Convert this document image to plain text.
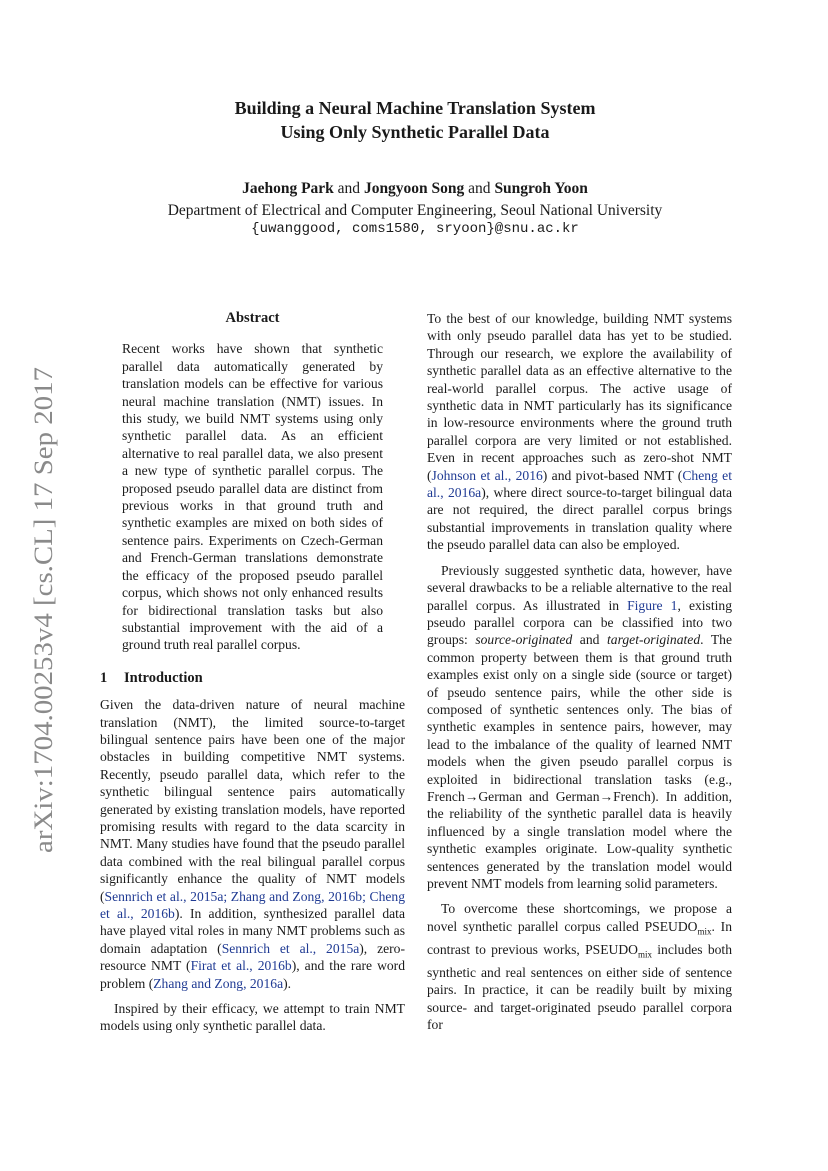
arXiv:1704.00253v4 [cs.CL] 17 Sep 2017
Building a Neural Machine Translation System
Using Only Synthetic Parallel Data
Jaehong Park and Jongyoon Song and Sungroh Yoon
Department of Electrical and Computer Engineering, Seoul National University
{uwanggood, coms1580, sryoon}@snu.ac.kr
Abstract

Recent works have shown that synthetic parallel data automatically generated by translation models can be effective for various neural machine translation (NMT) issues. In this study, we build NMT systems using only synthetic parallel data. As an efficient alternative to real parallel data, we also present a new type of synthetic parallel corpus. The proposed pseudo parallel data are distinct from previous works in that ground truth and synthetic examples are mixed on both sides of sentence pairs. Experiments on Czech-German and French-German translations demonstrate the efficacy of the proposed pseudo parallel corpus, which shows not only enhanced results for bidirectional translation tasks but also substantial improvement with the aid of a ground truth real parallel corpus.

1 Introduction

Given the data-driven nature of neural machine translation (NMT), the limited source-to-target bilingual sentence pairs have been one of the major obstacles in building competitive NMT systems. Recently, pseudo parallel data, which refer to the synthetic bilingual sentence pairs automatically generated by existing translation models, have reported promising results with regard to the data scarcity in NMT. Many studies have found that the pseudo parallel data combined with the real bilingual parallel corpus significantly enhance the quality of NMT models (Sennrich et al., 2015a; Zhang and Zong, 2016b; Cheng et al., 2016b). In addition, synthesized parallel data have played vital roles in many NMT problems such as domain adaptation (Sennrich et al., 2015a), zero-resource NMT (Firat et al., 2016b), and the rare word problem (Zhang and Zong, 2016a).

Inspired by their efficacy, we attempt to train NMT models using only synthetic parallel data.

To the best of our knowledge, building NMT systems with only pseudo parallel data has yet to be studied. Through our research, we explore the availability of synthetic parallel data as an effective alternative to the real-world parallel corpus. The active usage of synthetic data in NMT particularly has its significance in low-resource environments where the ground truth parallel corpora are very limited or not established. Even in recent approaches such as zero-shot NMT (Johnson et al., 2016) and pivot-based NMT (Cheng et al., 2016a), where direct source-to-target bilingual data are not required, the direct parallel corpus brings substantial improvements in translation quality where the pseudo parallel data can also be employed.

Previously suggested synthetic data, however, have several drawbacks to be a reliable alternative to the real parallel corpus. As illustrated in Figure 1, existing pseudo parallel corpora can be classified into two groups: source-originated and target-originated. The common property between them is that ground truth examples exist only on a single side (source or target) of pseudo sentence pairs, while the other side is composed of synthetic sentences only. The bias of synthetic examples in sentence pairs, however, may lead to the imbalance of the quality of learned NMT models when the given pseudo parallel corpus is exploited in bidirectional translation tasks (e.g., French→German and German→French). In addition, the reliability of the synthetic parallel data is heavily influenced by a single translation model where the synthetic examples originate. Low-quality synthetic sentences generated by the translation model would prevent NMT models from learning solid parameters.

To overcome these shortcomings, we propose a novel synthetic parallel corpus called $PSEUDO_{mix}$. In contrast to previous works, $PSEUDO_{mix}$ includes both synthetic and real sentences on either side of sentence pairs. In practice, it can be readily built by mixing source- and target-originated pseudo parallel corpora for
